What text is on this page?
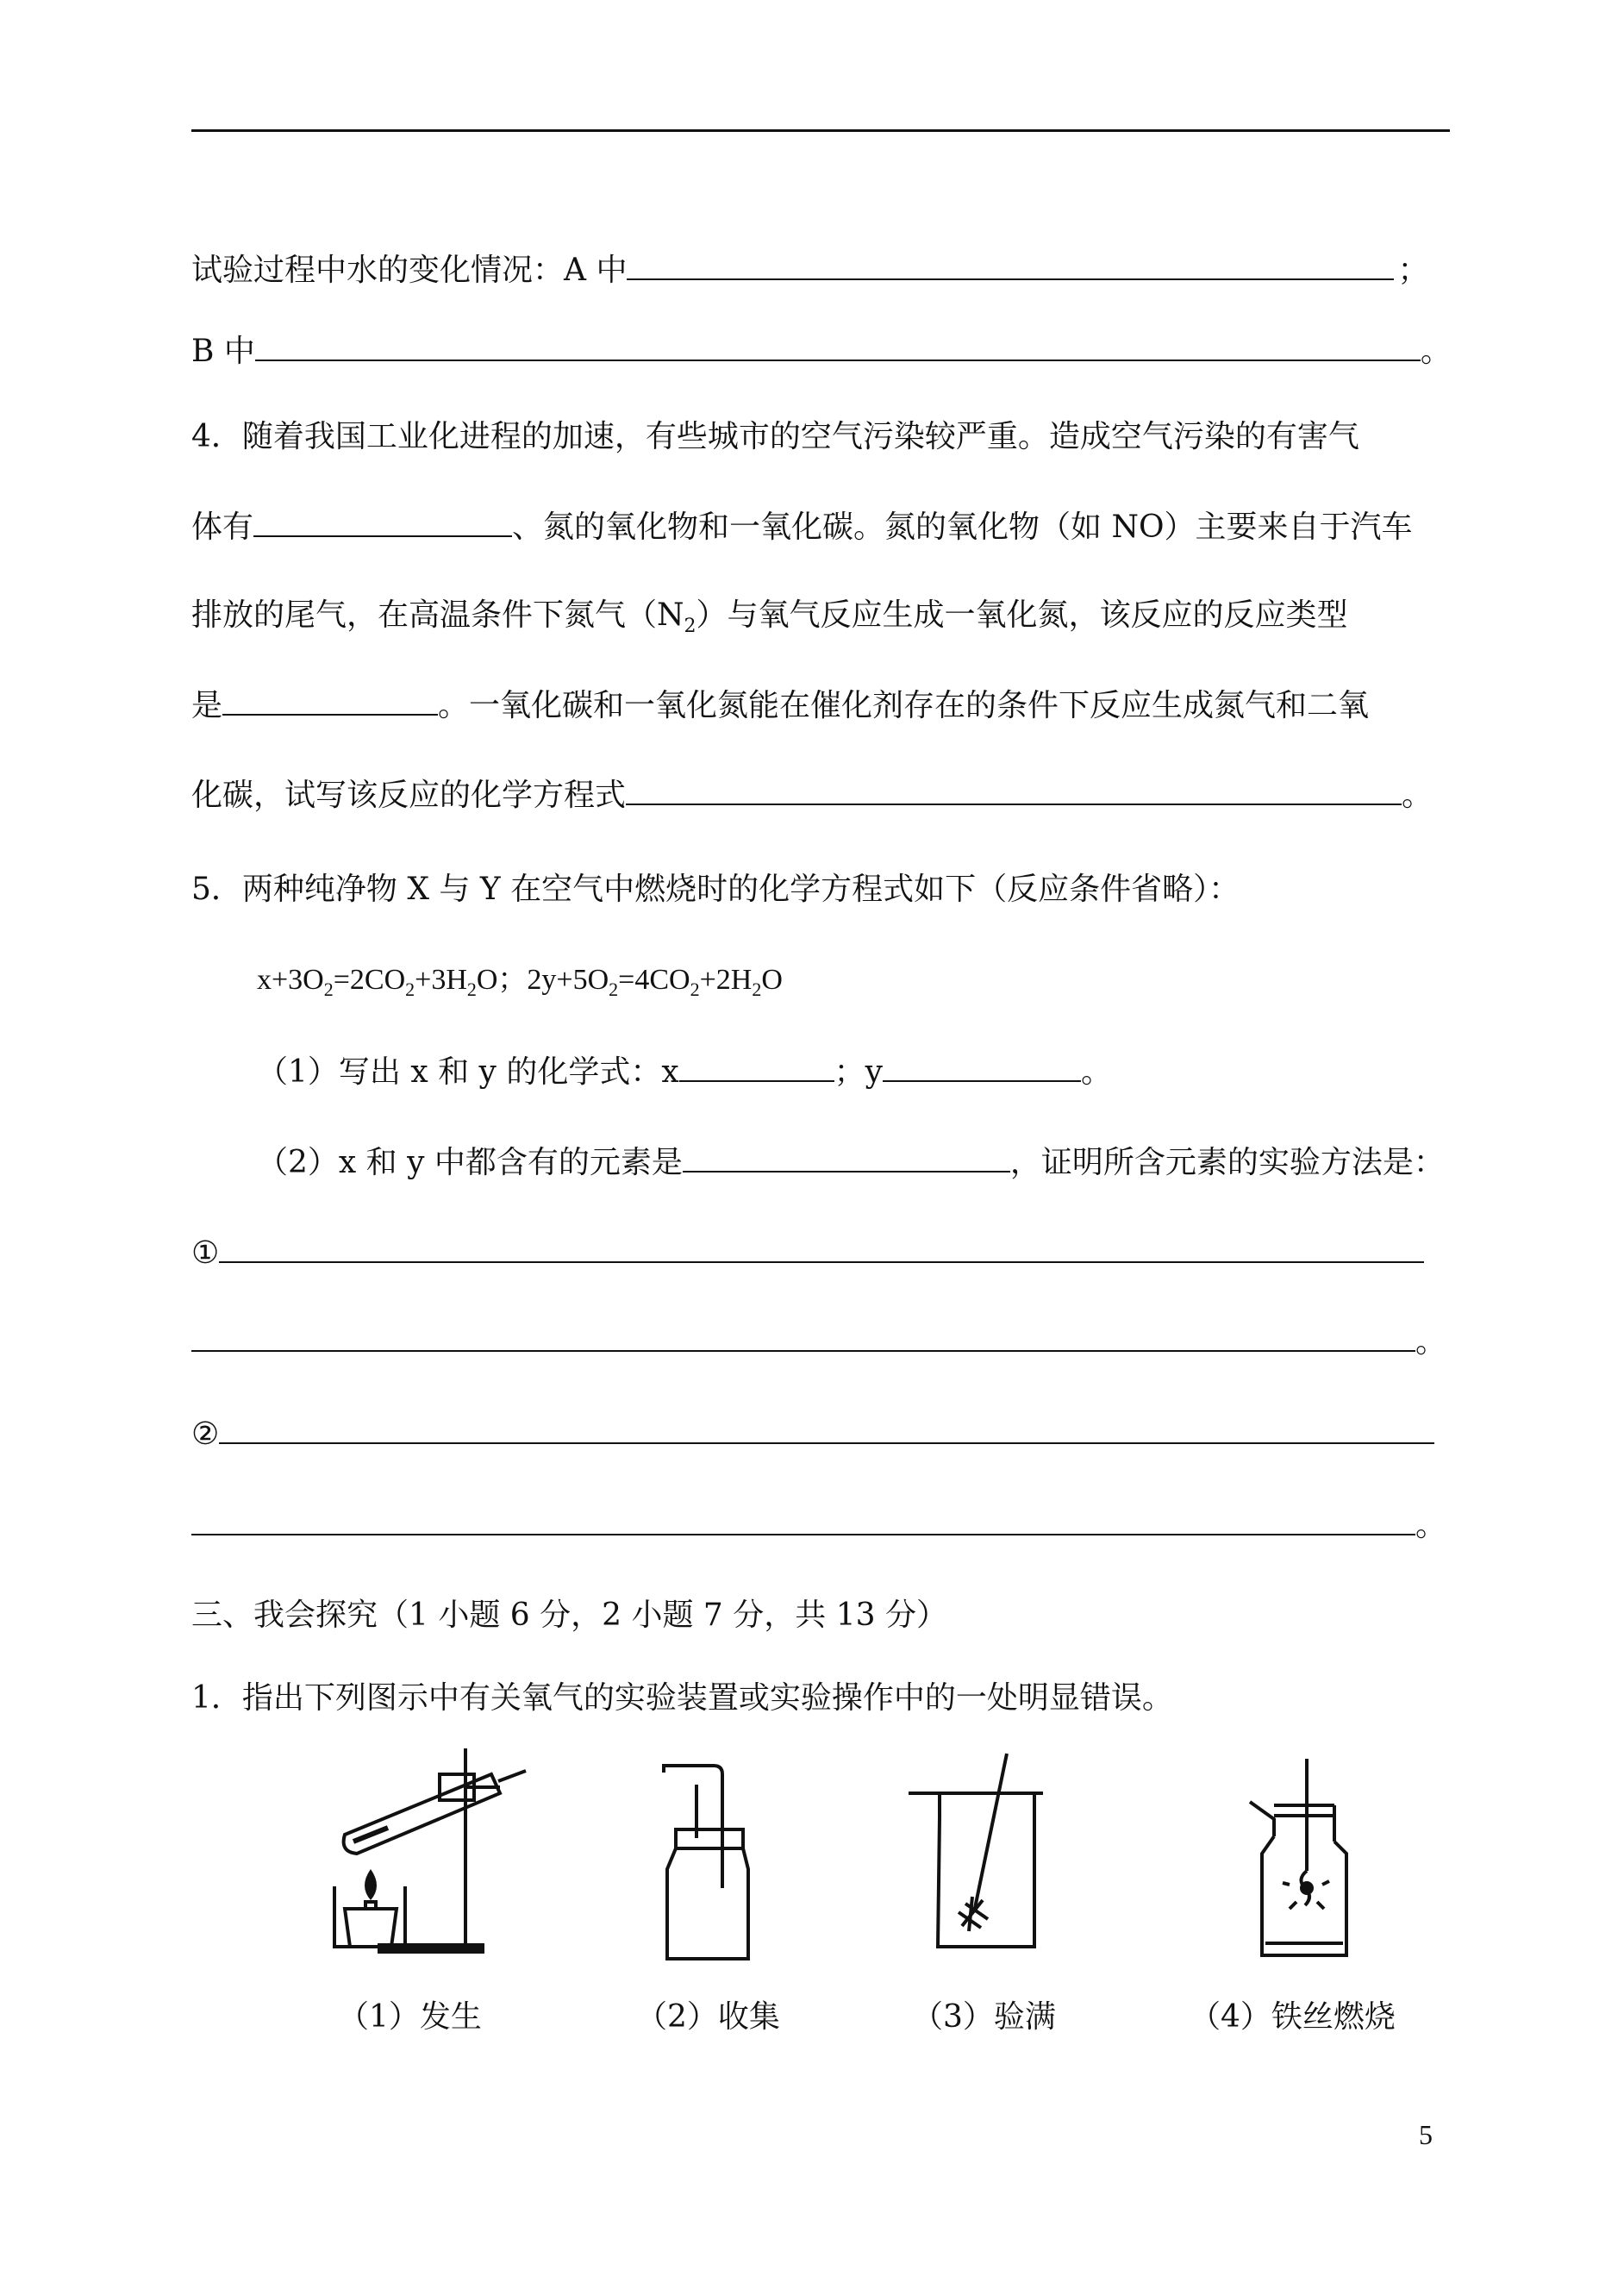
试验过程中水的变化情况：A 中	；
B 中	。
4．随着我国工业化进程的加速，有些城市的空气污染较严重。造成空气污染的有害气
体有	、氮的氧化物和一氧化碳。氮的氧化物（如 NO）主要来自于汽车
排放的尾气，在高温条件下氮气$(N_2)$与氧气反应生成一氧化氮，该反应的反应类型
是	。一氧化碳和一氧化氮能在催化剂存在的条件下反应生成氮气和二氧
化碳，试写该反应的化学方程式	。
5．两种纯净物 X 与 Y 在空气中燃烧时的化学方程式如下（反应条件省略）：
$x+3O_2=2CO_2+3H_2O$；$2y+5O_2=4CO_2+2H_2O$
（1）写出 x 和 y 的化学式：x	；y	。
（2）x 和 y 中都含有的元素是	，证明所含元素的实验方法是：
①
。
②
。
三、我会探究（1 小题 6 分，2 小题 7 分，共 13 分）
1．指出下列图示中有关氧气的实验装置或实验操作中的一处明显错误。
（1）发生	（2）收集	（3）验满	（4）铁丝燃烧
5
